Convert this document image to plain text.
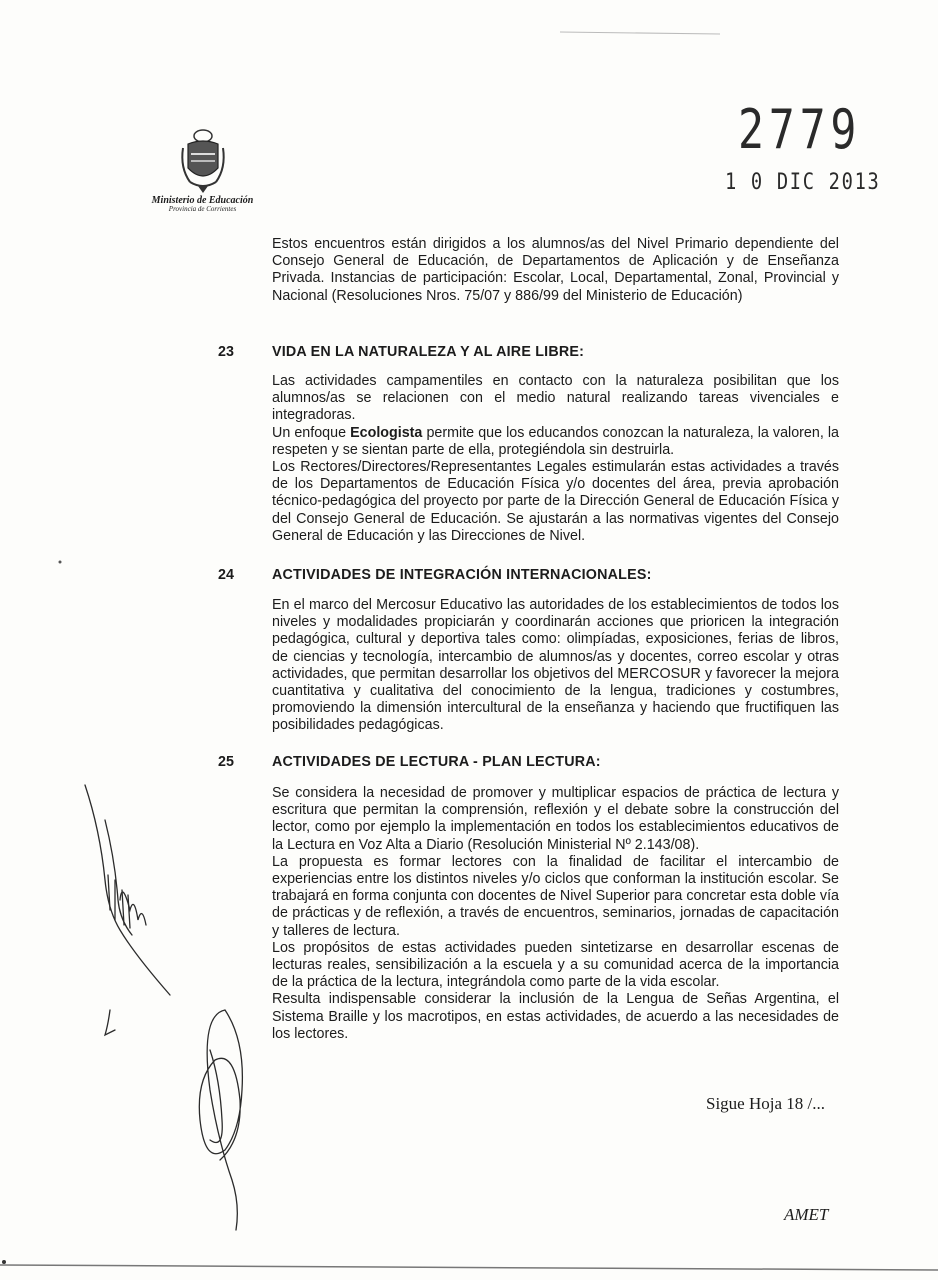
Ministerio de Educación
Provincia de Corrientes
2779
1 0 DIC 2013
Estos encuentros están dirigidos a los alumnos/as del Nivel Primario dependiente del Consejo General de Educación, de Departamentos de Aplicación y de Enseñanza Privada. Instancias de participación: Escolar, Local, Departamental, Zonal, Provincial y Nacional (Resoluciones Nros. 75/07 y 886/99 del Ministerio de Educación)
23	VIDA EN LA NATURALEZA Y AL AIRE LIBRE:

Las actividades campamentiles en contacto con la naturaleza posibilitan que los alumnos/as se relacionen con el medio natural realizando tareas vivenciales e integradoras.

Un enfoque Ecologista permite que los educandos conozcan la naturaleza, la valoren, la respeten y se sientan parte de ella, protegiéndola sin destruirla.

Los Rectores/Directores/Representantes Legales estimularán estas actividades a través de los Departamentos de Educación Física y/o docentes del área, previa aprobación técnico-pedagógica del proyecto por parte de la Dirección General de Educación Física y del Consejo General de Educación. Se ajustarán a las normativas vigentes del Consejo General de Educación y las Direcciones de Nivel.

24	ACTIVIDADES DE INTEGRACIÓN INTERNACIONALES:

En el marco del Mercosur Educativo las autoridades de los establecimientos de todos los niveles y modalidades propiciarán y coordinarán acciones que prioricen la integración pedagógica, cultural y deportiva tales como: olimpíadas, exposiciones, ferias de libros, de ciencias y tecnología, intercambio de alumnos/as y docentes, correo escolar y otras actividades, que permitan desarrollar los objetivos del MERCOSUR y favorecer la mejora cuantitativa y cualitativa del conocimiento de la lengua, tradiciones y costumbres, promoviendo la dimensión intercultural de la enseñanza y haciendo que fructifiquen las posibilidades pedagógicas.

25	ACTIVIDADES DE LECTURA - PLAN LECTURA:

Se considera la necesidad de promover y multiplicar espacios de práctica de lectura y escritura que permitan la comprensión, reflexión y el debate sobre la construcción del lector, como por ejemplo la implementación en todos los establecimientos educativos de la Lectura en Voz Alta a Diario (Resolución Ministerial Nº 2.143/08).

La propuesta es formar lectores con la finalidad de facilitar el intercambio de experiencias entre los distintos niveles y/o ciclos que conforman la institución escolar. Se trabajará en forma conjunta con docentes de Nivel Superior para concretar esta doble vía de prácticas y de reflexión, a través de encuentros, seminarios, jornadas de capacitación y talleres de lectura.

Los propósitos de estas actividades pueden sintetizarse en desarrollar escenas de lecturas reales, sensibilización a la escuela y a su comunidad acerca de la importancia de la práctica de la lectura, integrándola como parte de la vida escolar.

Resulta indispensable considerar la inclusión de la Lengua de Señas Argentina, el Sistema Braille y los macrotipos, en estas actividades, de acuerdo a las necesidades de los lectores.

Sigue Hoja 18 /...
AMET
